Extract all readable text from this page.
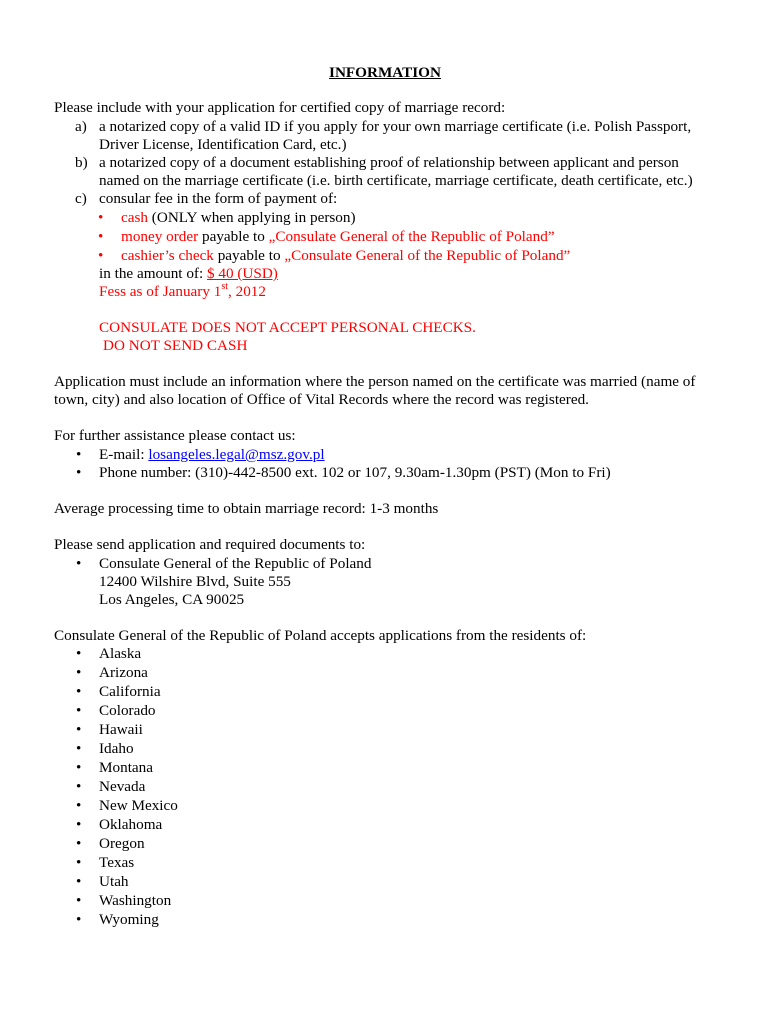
INFORMATION
Please include with your application for certified copy of marriage record:
a) a notarized copy of a valid ID if you apply for your own marriage certificate (i.e. Polish Passport,
Driver License, Identification Card, etc.)
b) a notarized copy of a document establishing proof of relationship between applicant and person
named on the marriage certificate (i.e. birth certificate, marriage certificate, death certificate, etc.)
c) consular fee in the form of payment of:
• cash (ONLY when applying in person)
• money order payable to „Consulate General of the Republic of Poland”
• cashier’s check payable to „Consulate General of the Republic of Poland”
in the amount of: $ 40 (USD)
Fess as of January 1st, 2012
CONSULATE DOES NOT ACCEPT PERSONAL CHECKS.
DO NOT SEND CASH
Application must include an information where the person named on the certificate was married (name of
town, city) and also location of Office of Vital Records where the record was registered.
For further assistance please contact us:
• E-mail: losangeles.legal@msz.gov.pl
• Phone number: (310)-442-8500 ext. 102 or 107, 9.30am-1.30pm (PST) (Mon to Fri)
Average processing time to obtain marriage record: 1-3 months
Please send application and required documents to:
• Consulate General of the Republic of Poland
12400 Wilshire Blvd, Suite 555
Los Angeles, CA 90025
Consulate General of the Republic of Poland accepts applications from the residents of:
• Alaska
• Arizona
• California
• Colorado
• Hawaii
• Idaho
• Montana
• Nevada
• New Mexico
• Oklahoma
• Oregon
• Texas
• Utah
• Washington
• Wyoming
